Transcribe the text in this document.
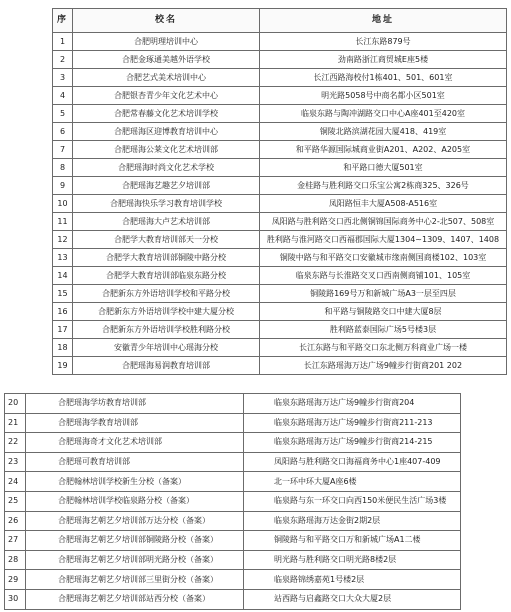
序	校名	地址
1	合肥明理培训中心	长江东路879号
2	合肥金琢通美越外语学校	劲南路浙江商贸城E座5楼
3	合肥艺式美术培训中心	长江西路海校付1栋401、501、601室
4	合肥银杏青少年文化艺术中心	明光路5058号中商名都小区501室
5	合肥常春藤文化艺术培训学校	临泉东路与陶冲湖路交口中心A座401至420室
6	合肥瑶海区迎博教育培训中心	铜陵北路滨湖花园大厦418、419室
7	合肥瑶海公莱文化艺术培训部	和平路华源国际城商业街A201、A202、A205室
8	合肥瑶海时尚文化艺术学校	和平路口德大厦501室
9	合肥瑶海艺趣艺夕培训部	金桂路与胜利路交口乐宝公寓2栋商325、326号
10	合肥瑶海快乐学习教育培训学校	凤阳路恒丰大厦A508-A516室
11	合肥瑶海大卢艺术培训部	凤阳路与胜利路交口西北侧铜锦国际商务中心2-北507、508室
12	合肥学大教育培训部天一分校	胜利路与淮河路交口西福郡国际大厦1304~1309、1407、1408
13	合肥学大教育培训部铜陵中路分校	铜陵中路与和平路交口安徽城市缘南侧国商楼102、103室
14	合肥学大教育培训部临泉东路分校	临泉东路与长淮路交叉口西南侧商铺101、105室
15	合肥新东方外语培训学校和平路分校	铜陵路169号万和新城广场A3一层至四层
16	合肥新东方外语培训学校中建大厦分校	和平路与铜陵路交口中建大厦8层
17	合肥新东方外语培训学校胜利路分校	胜利路蓝泰国际广场5号楼3层
18	安徽青少年培训中心瑶海分校	长江东路与和平路交口东北侧万科商业广场一楼
19	合肥瑶海易润教育培训部	长江东路瑶海万达广场9幢步行街商201 202
20	合肥瑶海学坊教育培训部	临泉东路瑶海万达广场9幢步行街商204
21	合肥瑶海学教育培训部	临泉东路瑶海万达广场9幢步行街商211-213
22	合肥瑶海奇才文化艺术培训部	临泉东路瑶海万达广场9幢步行街商214-215
23	合肥瑶可教育培训部	凤阳路与胜利路交口海福商务中心1座407-409
24	合肥翰林培训学校新生分校（备案）	北一环中环大厦A座6楼
25	合肥翰林培训学校临泉路分校（备案）	临泉路与东一环交口向西150米便民生活广场3楼
26	合肥瑶海艺朝艺夕培训部万达分校（备案）	临泉东路瑶海万达金街2期2层
27	合肥瑶海艺朝艺夕培训部铜陵路分校（备案）	铜陵路与和平路交口万和新城广场A1二楼
28	合肥瑶海艺朝艺夕培训部明光路分校（备案）	明光路与胜利路交口明光路8楼2层
29	合肥瑶海艺朝艺夕培训部三里街分校（备案）	临泉路锦绣嘉苑1号楼2层
30	合肥瑶海艺朝艺夕培训部站西分校（备案）	站西路与启鑫路交口大众大厦2层
